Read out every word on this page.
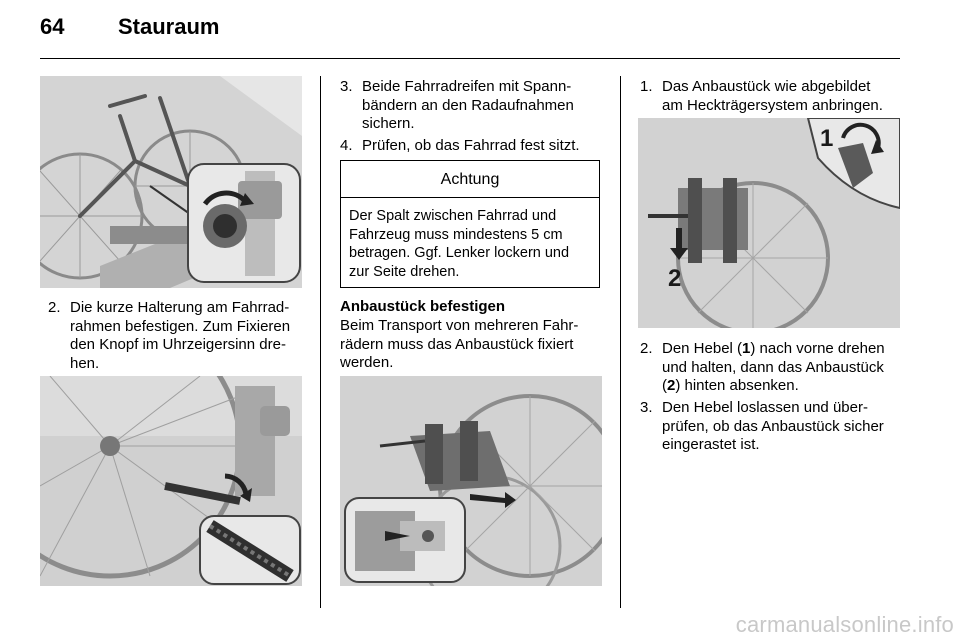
64 Stauraum
2. Die kurze Halterung am Fahrrad-
rahmen befestigen. Zum Fixieren
den Knopf im Uhrzeigersinn dre-
hen.
3. Beide Fahrradreifen mit Spann-
bändern an den Radaufnahmen
sichern.
4. Prüfen, ob das Fahrrad fest sitzt.
Achtung
Der Spalt zwischen Fahrrad und
Fahrzeug muss mindestens 5 cm
betragen. Ggf. Lenker lockern und
zur Seite drehen.
Anbaustück befestigen
Beim Transport von mehreren Fahr-
rädern muss das Anbaustück fixiert
werden.
1. Das Anbaustück wie abgebildet
am Heckträgersystem anbringen.
2
1
2. Den Hebel (1) nach vorne drehen
und halten, dann das Anbaustück
(2) hinten absenken.
3. Den Hebel loslassen und über-
prüfen, ob das Anbaustück sicher
eingerastet ist.
carmanualsonline.info
